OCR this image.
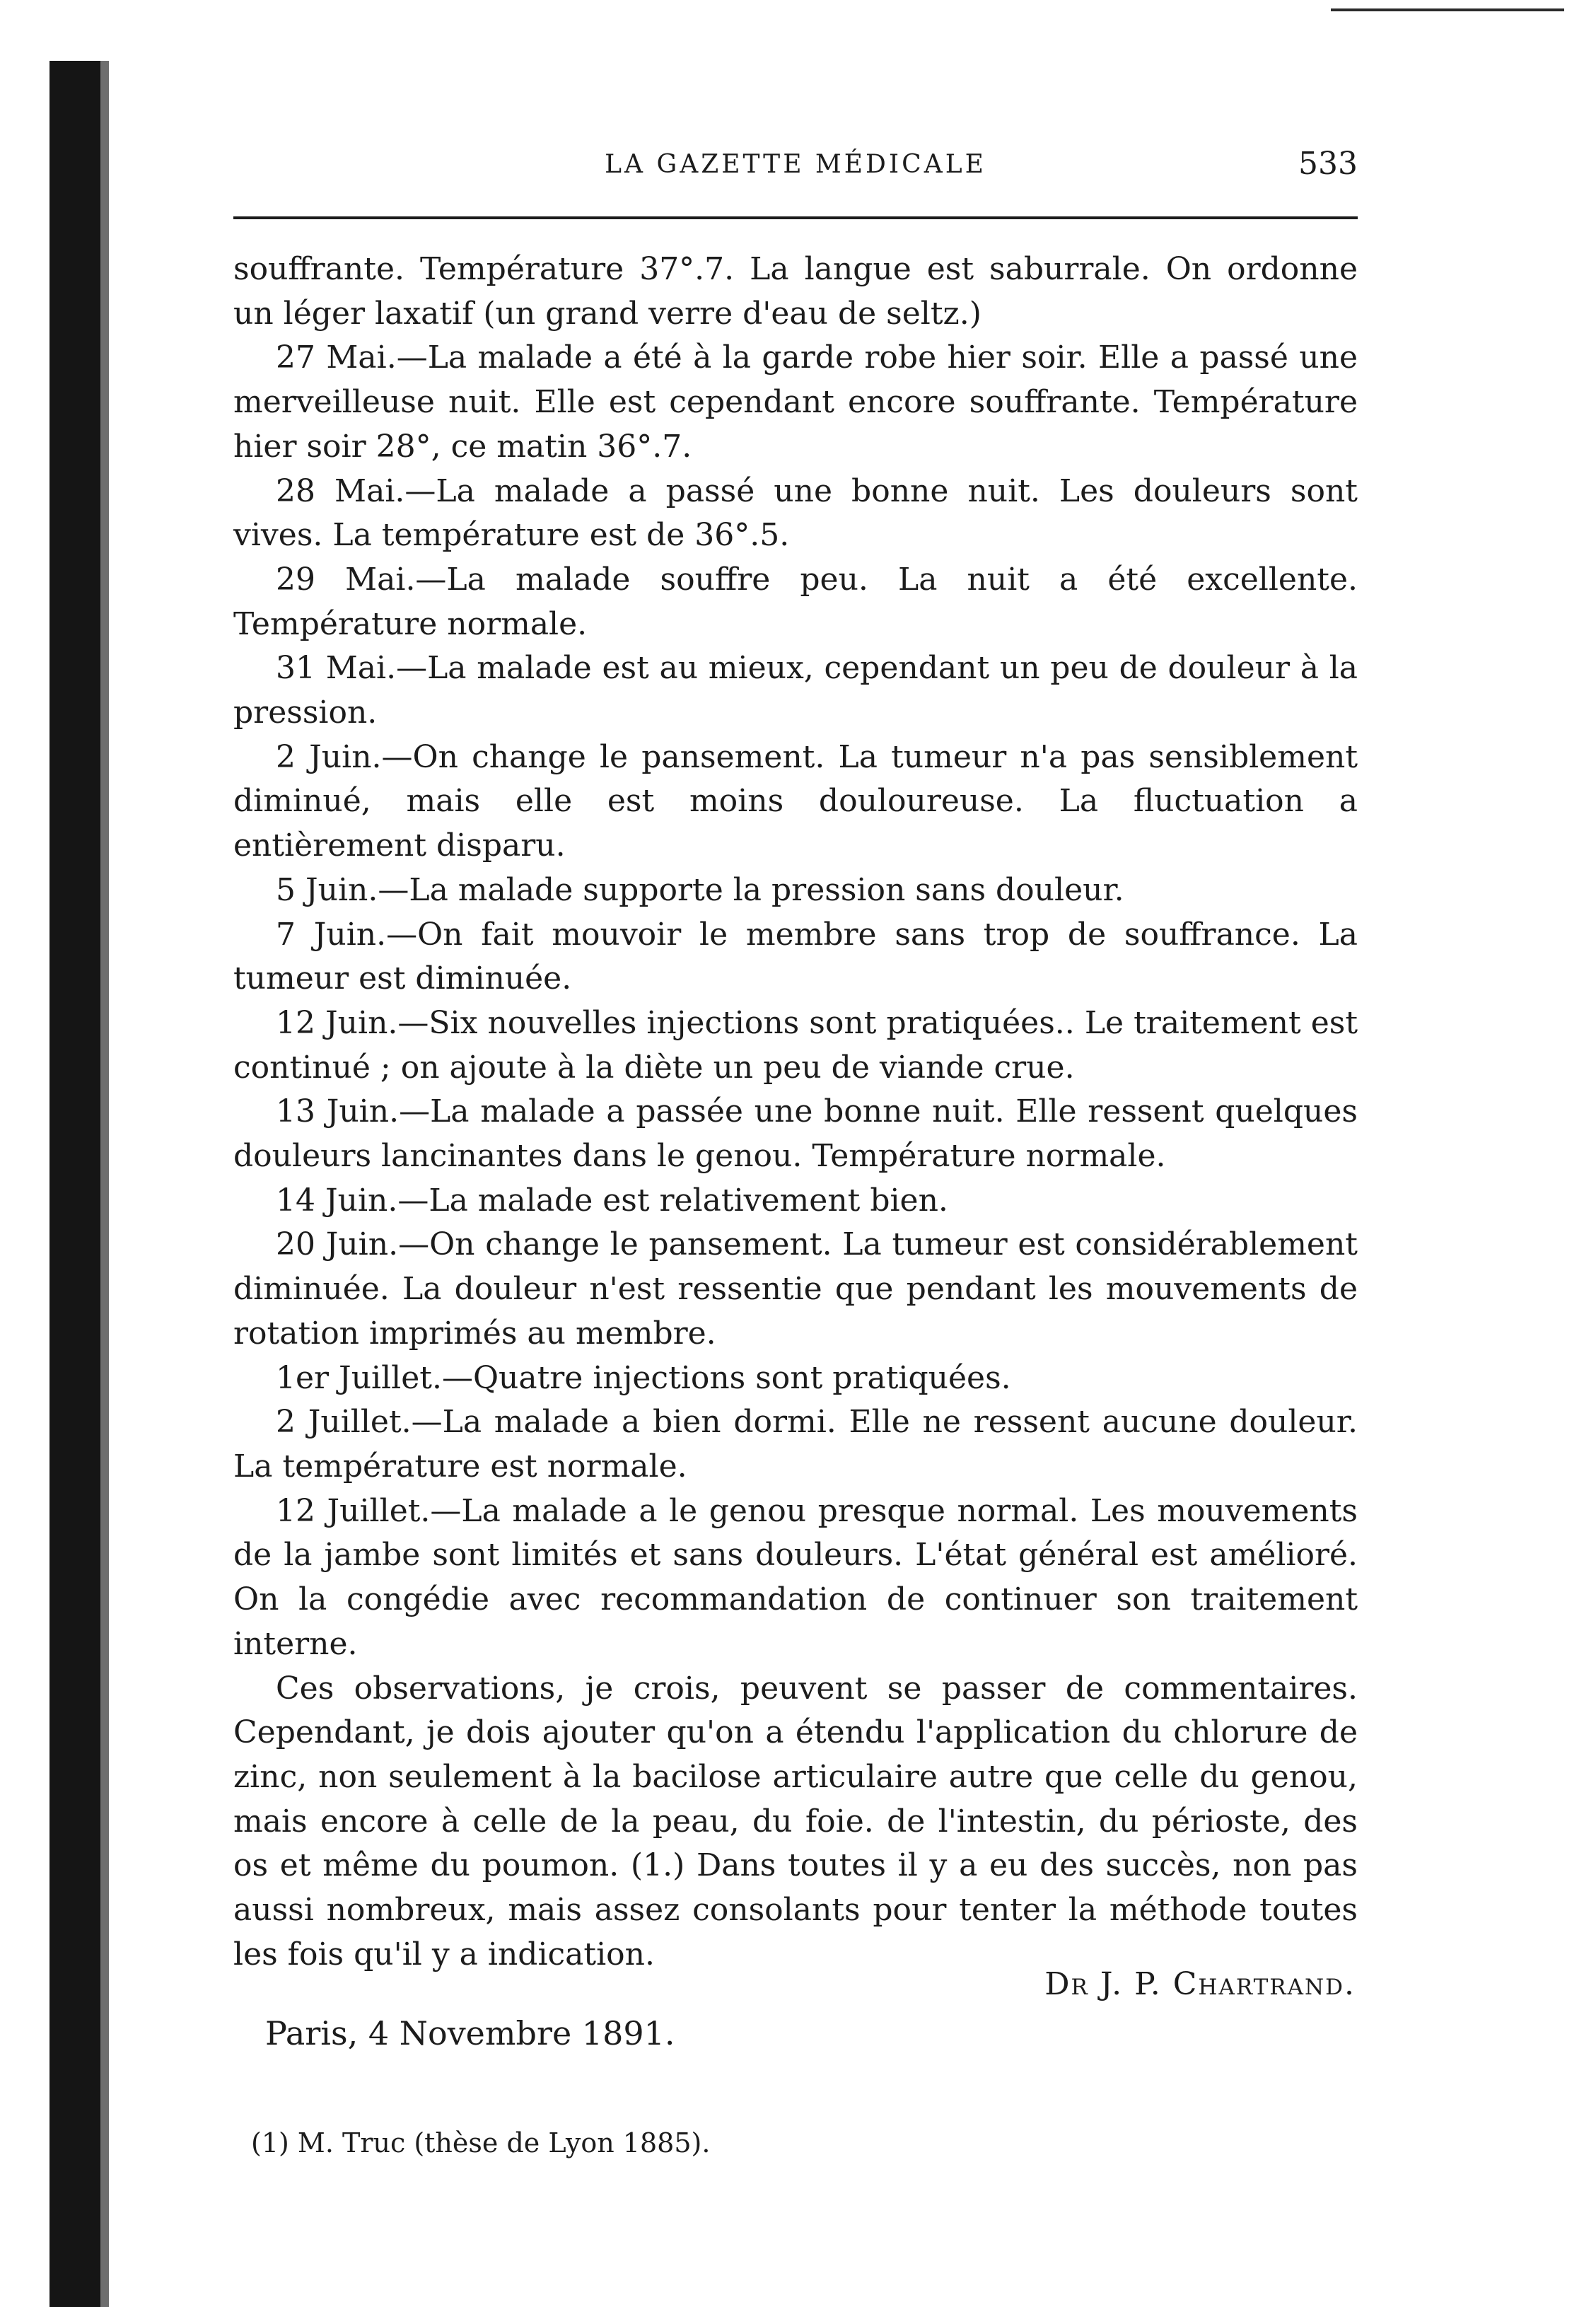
LA GAZETTE MÉDICALE	533

souffrante. Température 37°.7. La langue est saburrale. On ordonne un léger laxatif (un grand verre d'eau de seltz.)

27 Mai.—La malade a été à la garde robe hier soir. Elle a passé une merveilleuse nuit. Elle est cependant encore souffrante. Température hier soir 28°, ce matin 36°.7.

28 Mai.—La malade a passé une bonne nuit. Les douleurs sont vives. La température est de 36°.5.

29 Mai.—La malade souffre peu. La nuit a été excellente. Température normale.

31 Mai.—La malade est au mieux, cependant un peu de douleur à la pression.

2 Juin.—On change le pansement. La tumeur n'a pas sensiblement diminué, mais elle est moins douloureuse. La fluctuation a entièrement disparu.

5 Juin.—La malade supporte la pression sans douleur.

7 Juin.—On fait mouvoir le membre sans trop de souffrance. La tumeur est diminuée.

12 Juin.—Six nouvelles injections sont pratiquées.. Le traitement est continué ; on ajoute à la diète un peu de viande crue.

13 Juin.—La malade a passée une bonne nuit. Elle ressent quelques douleurs lancinantes dans le genou. Température normale.

14 Juin.—La malade est relativement bien.

20 Juin.—On change le pansement. La tumeur est considérablement diminuée. La douleur n'est ressentie que pendant les mouvements de rotation imprimés au membre.

1er Juillet.—Quatre injections sont pratiquées.

2 Juillet.—La malade a bien dormi. Elle ne ressent aucune douleur. La température est normale.

12 Juillet.—La malade a le genou presque normal. Les mouvements de la jambe sont limités et sans douleurs. L'état général est amélioré. On la congédie avec recommandation de continuer son traitement interne.

Ces observations, je crois, peuvent se passer de commentaires. Cependant, je dois ajouter qu'on a étendu l'application du chlorure de zinc, non seulement à la bacilose articulaire autre que celle du genou, mais encore à celle de la peau, du foie. de l'intestin, du périoste, des os et même du poumon. (1.) Dans toutes il y a eu des succès, non pas aussi nombreux, mais assez consolants pour tenter la méthode toutes les fois qu'il y a indication.

Dr J. P. Chartrand.
Paris, 4 Novembre 1891.
(1) M. Truc (thèse de Lyon 1885).
